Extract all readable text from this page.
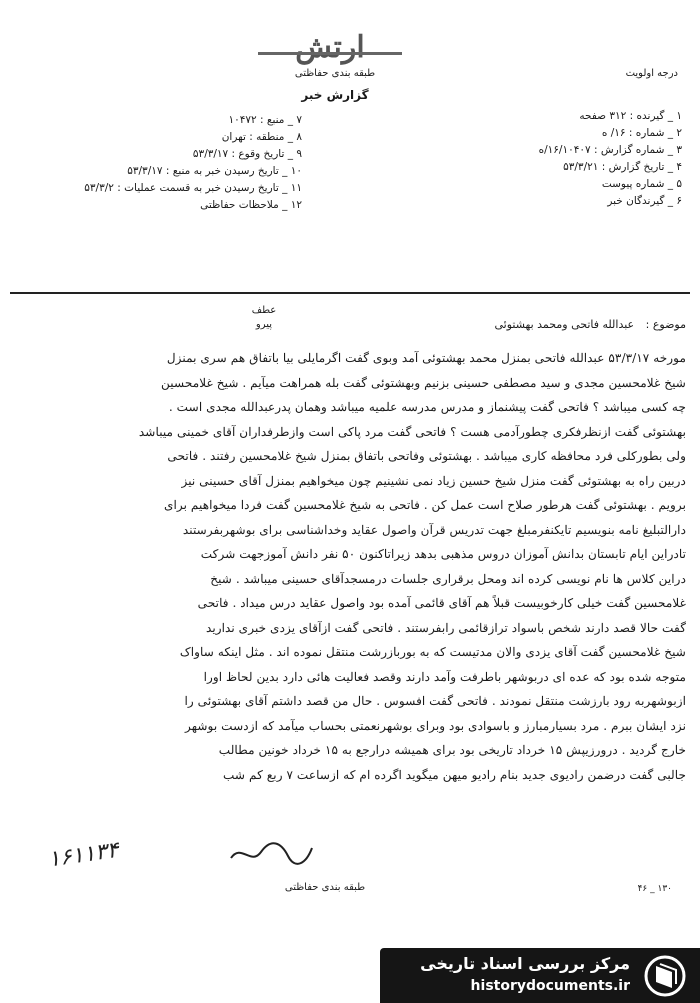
ارتش
طبقه بندی حفاظتی
گزارش خبر
درجه اولویت
۷ _ منبع : ۱۰۴۷۲
۸ _ منطقه : تهران
۹ _ تاریخ وقوع : ۵۳/۳/۱۷
۱۰ _ تاریخ رسیدن خبر به منبع : ۵۳/۳/۱۷
۱۱ _ تاریخ رسیدن خبر به قسمت عملیات : ۵۳/۳/۲
۱۲ _ ملاحظات حفاظتی
۱ _ گیرنده : ۳۱۲ صفحه
۲ _ شماره : ۱۶/ ه
۳ _ شماره گزارش : ۱۶/۱۰۴۰۷/ه
۴ _ تاریخ گزارش : ۵۳/۳/۲۱
۵ _ شماره پیوست
۶ _ گیرندگان خبر
عطف
پیرو	موضوع : عبدالله فاتحی ومحمد بهشتوئی
مورخه ۵۳/۳/۱۷ عبدالله فاتحی بمنزل محمد بهشتوئی آمد وبوی گفت اگرمایلی بیا باتفاق هم سری بمنزل
شیخ غلامحسین مجدی و سید مصطفی حسینی بزنیم وبهشتوئی گفت بله همراهت میآیم . شیخ غلامحسین
چه کسی میباشد ؟ فاتحی گفت پیشنماز و مدرس مدرسه علمیه میباشد وهمان پدرعبدالله مجدی است .
بهشتوئی گفت ازنظرفکری چطورآدمی هست ؟ فاتحی گفت مرد پاکی است وازطرفداران آقای خمینی میباشد
ولی بطورکلی فرد محافظه کاری میباشد . بهشتوئی وفاتحی باتفاق بمنزل شیخ غلامحسین رفتند . فاتحی
دربین راه به بهشتوئی گفت منزل شیخ حسین زیاد نمی نشینیم چون میخواهیم بمنزل آقای حسینی نیز
برویم . بهشتوئی گفت هرطور صلاح است عمل کن . فاتحی به شیخ غلامحسین گفت فردا میخواهیم برای
دارالتبلیغ نامه بنویسیم تایکنفرمبلغ جهت تدریس قرآن واصول عقاید وخداشناسی برای بوشهربفرستند
تادراین ایام تابستان بدانش آموزان دروس مذهبی بدهد زیراتاکنون ۵۰ نفر دانش آموزجهت شرکت
دراین کلاس ها نام نویسی کرده اند ومحل برقراری جلسات درمسجدآقای حسینی میباشد . شیخ
غلامحسین گفت خیلی کارخوبیست قبلاً هم آقای قائمی آمده بود واصول عقاید درس میداد . فاتحی
گفت حالا قصد دارند شخص باسواد ترازقائمی رابفرستند . فاتحی گفت ازآقای یزدی خبری ندارید
شیخ غلامحسین گفت آقای یزدی والان مدتیست که به بوربازرشت منتقل نموده اند . مثل اینکه ساواک
متوجه شده بود که عده ای دربوشهر باطرفت وآمد دارند وقصد فعالیت هائی دارد بدین لحاظ اورا
ازبوشهربه رود بارزشت منتقل نمودند . فاتحی گفت افسوس . حال من قصد داشتم آقای بهشتوئی را
نزد ایشان ببرم . مرد بسیارمبارز و باسوادی بود وبرای بوشهرنعمتی بحساب میآمد که ازدست بوشهر
خارج گردید . درورزیپش ۱۵ خرداد تاریخی بود برای همیشه درارجع به ۱۵ خرداد خونین مطالب
جالبی گفت درضمن رادیوی جدید بنام رادیو میهن میگوید اگرده ام که ازساعت ۷ ربع کم شب
۱۶۱۱۳۴
طبقه بندی حفاظتی	۴۶ _ ۱۳۰
مرکز بررسی اسناد تاریخی
historydocuments.ir
